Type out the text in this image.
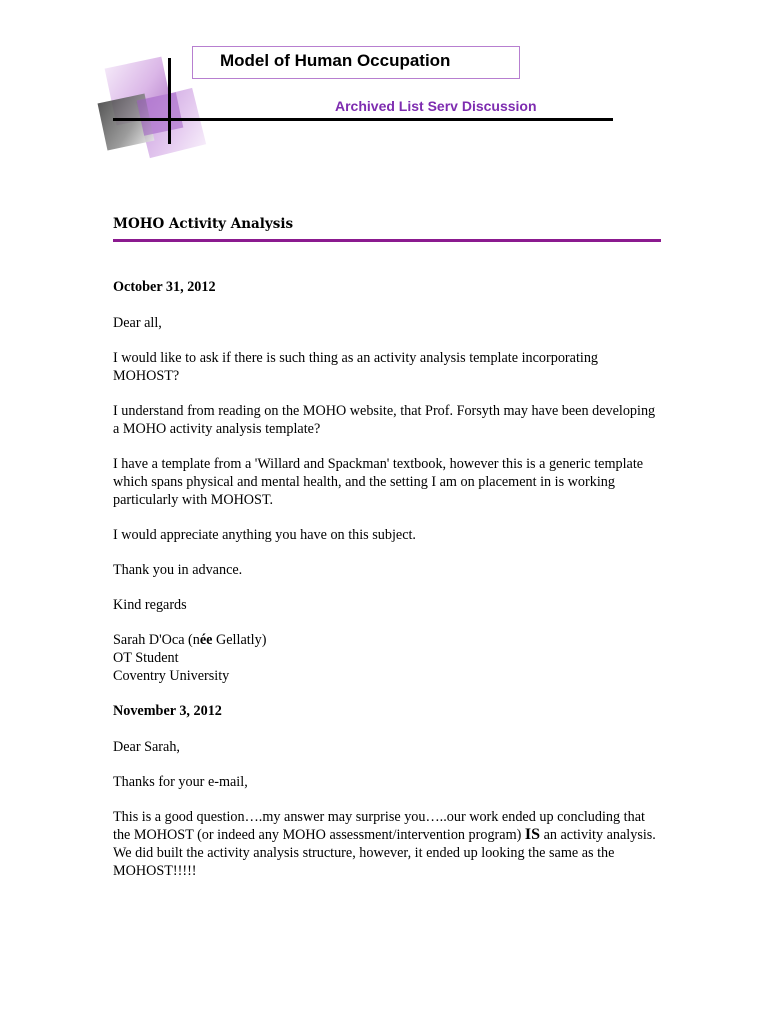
Model of Human Occupation
Archived List Serv Discussion
MOHO Activity Analysis

October 31, 2012

Dear all,

I would like to ask if there is such thing as an activity analysis template incorporating MOHOST?

I understand from reading on the MOHO website, that Prof. Forsyth may have been developing a MOHO activity analysis template?

I have a template from a 'Willard and Spackman' textbook, however this is a generic template which spans physical and mental health, and the setting I am on placement in is working particularly with MOHOST.

I would appreciate anything you have on this subject.

Thank you in advance.

Kind regards

Sarah D'Oca (née Gellatly)

OT Student

Coventry University

November 3, 2012

Dear Sarah,

Thanks for your e-mail,

This is a good question….my answer may surprise you…..our work ended up concluding that the MOHOST (or indeed any MOHO assessment/intervention program) IS an activity analysis. We did built the activity analysis structure, however, it ended up looking the same as the MOHOST!!!!!
